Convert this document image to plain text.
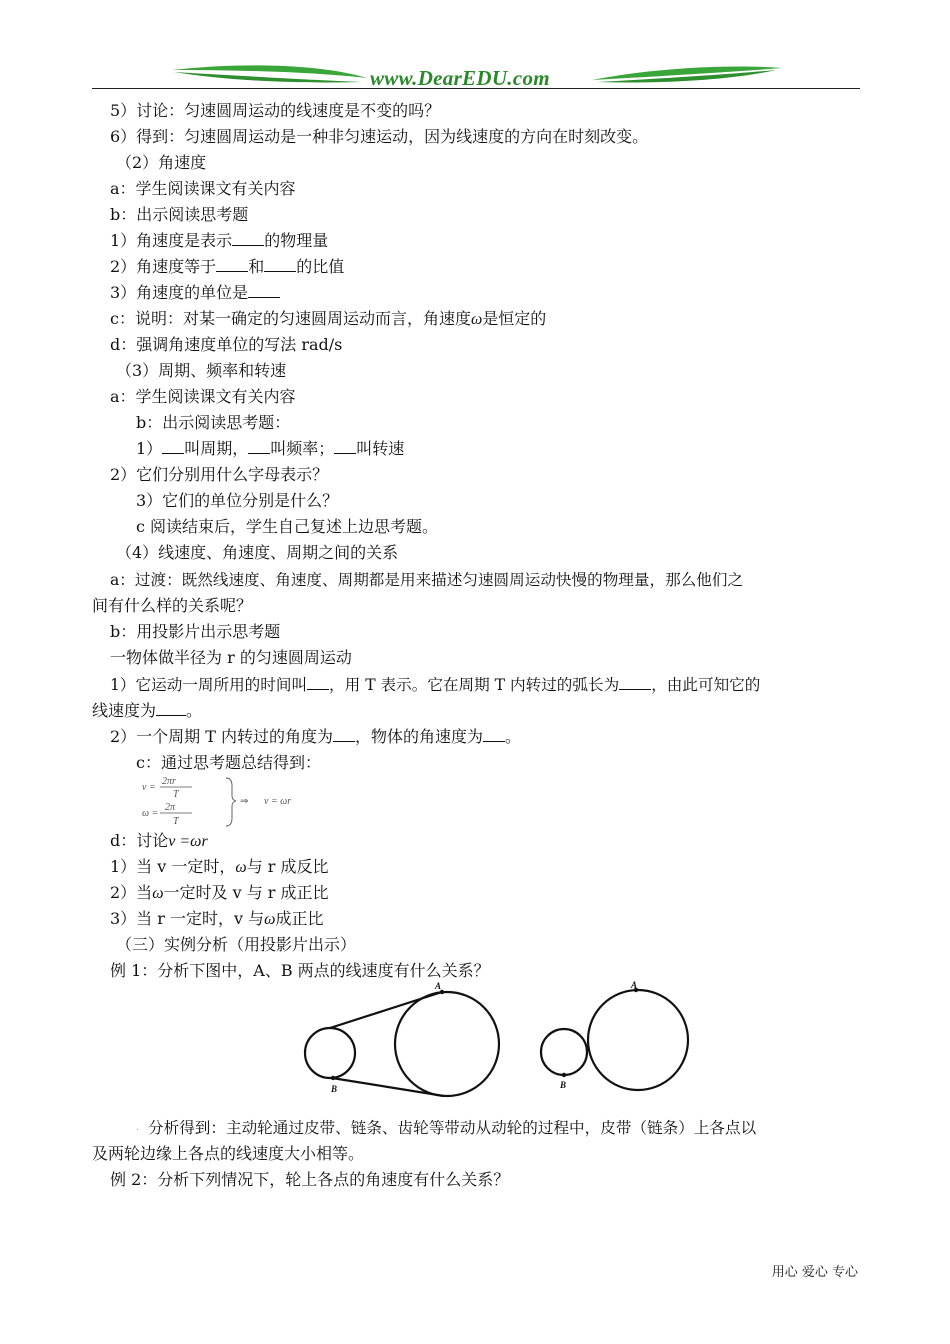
www.DearEDU.com
5）讨论：匀速圆周运动的线速度是不变的吗？
6）得到：匀速圆周运动是一种非匀速运动，因为线速度的方向在时刻改变。
（2）角速度
a：学生阅读课文有关内容
b：出示阅读思考题
1）角速度是表示 的物理量
2）角速度等于 和 的比值
3）角速度的单位是
c：说明：对某一确定的匀速圆周运动而言，角速度ω是恒定的
d：强调角速度单位的写法 rad/s
（3）周期、频率和转速
a：学生阅读课文有关内容
b：出示阅读思考题：
1） 叫周期， 叫频率； 叫转速
2）它们分别用什么字母表示？
3）它们的单位分别是什么？
c 阅读结束后，学生自己复述上边思考题。
（4）线速度、角速度、周期之间的关系
a：过渡：既然线速度、角速度、周期都是用来描述匀速圆周运动快慢的物理量，那么他们之
间有什么样的关系呢？
b：用投影片出示思考题
一物体做半径为 r 的匀速圆周运动
1）它运动一周所用的时间叫 ，用 T 表示。它在周期 T 内转过的弧长为 ，由此可知它的
线速度为 。
2）一个周期 T 内转过的角度为 ，物体的角速度为 。
c：通过思考题总结得到：
v =
2πr
T
ω =
2π
T
⇒ v = ωr
d：讨论v =ωr
1）当 v 一定时，ω与 r 成反比
2）当ω一定时及 v 与 r 成正比
3）当 r 一定时，v 与ω成正比
（三）实例分析（用投影片出示）
例 1：分析下图中，A、B 两点的线速度有什么关系？
A
B
A
B
· 分析得到：主动轮通过皮带、链条、齿轮等带动从动轮的过程中，皮带（链条）上各点以
及两轮边缘上各点的线速度大小相等。
例 2：分析下列情况下，轮上各点的角速度有什么关系？
用心 爱心 专心
